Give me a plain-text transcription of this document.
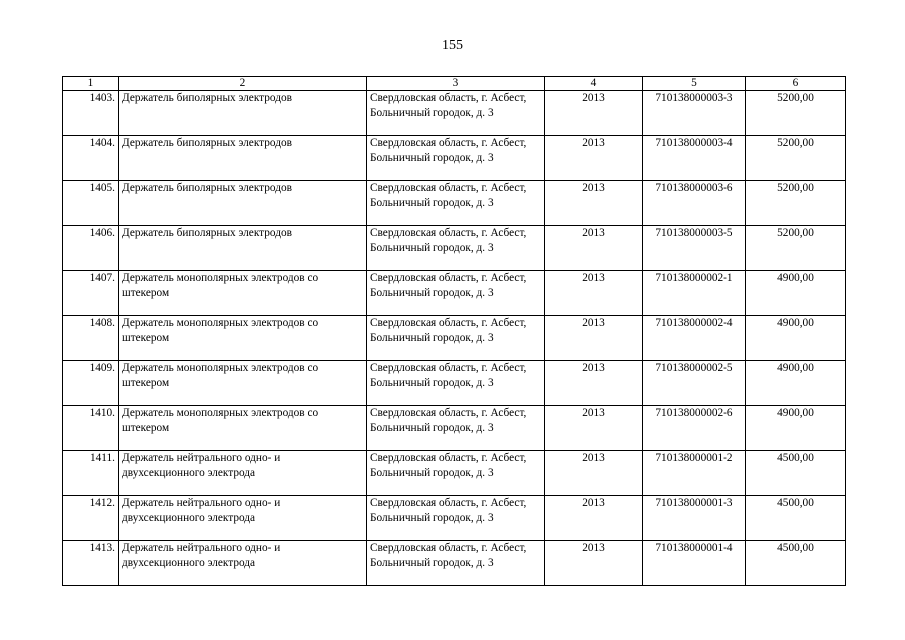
155
1	2	3	4	5	6
1403.	Держатель биполярных электродов	Свердловская область, г. Асбест, Больничный городок, д. 3	2013	710138000003-3	5200,00
1404.	Держатель биполярных электродов	Свердловская область, г. Асбест, Больничный городок, д. 3	2013	710138000003-4	5200,00
1405.	Держатель биполярных электродов	Свердловская область, г. Асбест, Больничный городок, д. 3	2013	710138000003-6	5200,00
1406.	Держатель биполярных электродов	Свердловская область, г. Асбест, Больничный городок, д. 3	2013	710138000003-5	5200,00
1407.	Держатель монополярных электродов со штекером	Свердловская область, г. Асбест, Больничный городок, д. 3	2013	710138000002-1	4900,00
1408.	Держатель монополярных электродов со штекером	Свердловская область, г. Асбест, Больничный городок, д. 3	2013	710138000002-4	4900,00
1409.	Держатель монополярных электродов со штекером	Свердловская область, г. Асбест, Больничный городок, д. 3	2013	710138000002-5	4900,00
1410.	Держатель монополярных электродов со штекером	Свердловская область, г. Асбест, Больничный городок, д. 3	2013	710138000002-6	4900,00
1411.	Держатель нейтрального одно- и двухсекционного электрода	Свердловская область, г. Асбест, Больничный городок, д. 3	2013	710138000001-2	4500,00
1412.	Держатель нейтрального одно- и двухсекционного электрода	Свердловская область, г. Асбест, Больничный городок, д. 3	2013	710138000001-3	4500,00
1413.	Держатель нейтрального одно- и двухсекционного электрода	Свердловская область, г. Асбест, Больничный городок, д. 3	2013	710138000001-4	4500,00
